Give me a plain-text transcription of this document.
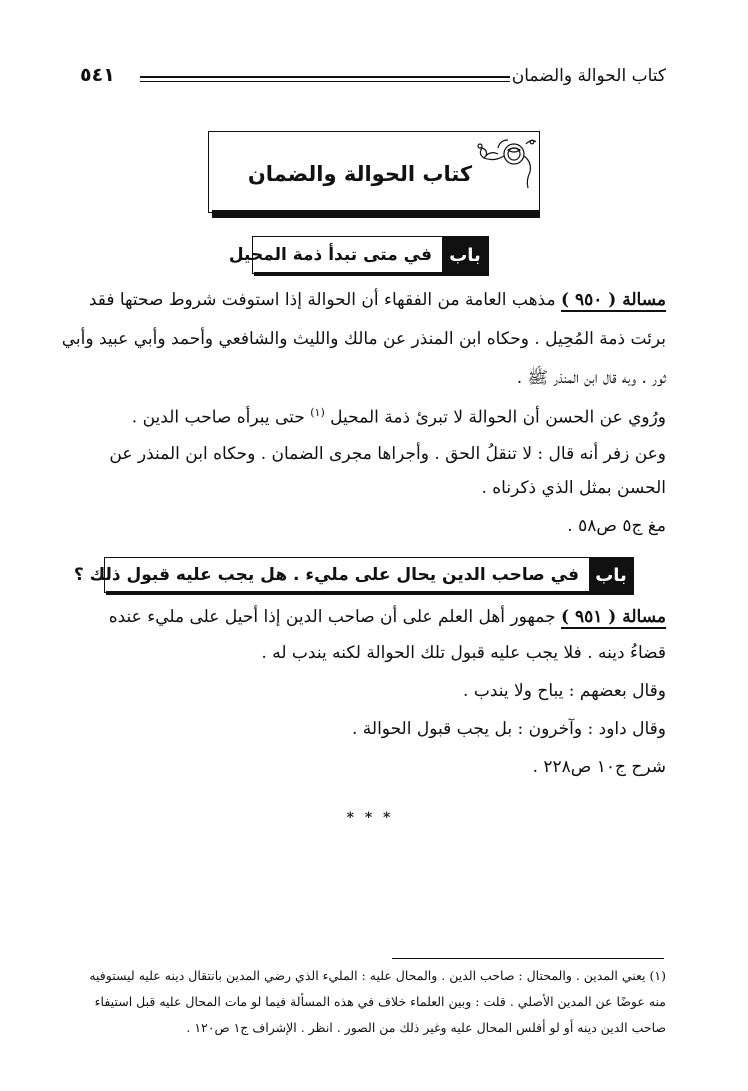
كتاب الحوالة والضمان
٥٤١
كتاب الحوالة والضمان
باب
في متى تبدأ ذمة المحيل
مسالة ( ٩٥٠ ) مذهب العامة من الفقهاء أن الحوالة إذا استوفت شروط صحتها فقد
برئت ذمة المُحِيل . وحكاه ابن المنذر عن مالك والليث والشافعي وأحمد وأبي عبيد وأبي
ثور . وبه قال ابن المنذر ﷺ .
ورُوي عن الحسن أن الحوالة لا تبرئ ذمة المحيل $^{(١)}$ حتى يبرأه صاحب الدين .
وعن زفر أنه قال : لا تنقلُ الحق . وأجراها مجرى الضمان . وحكاه ابن المنذر عن
الحسن بمثل الذي ذكرناه .
مغ ج٥ ص٥٨ .
باب
في صاحب الدين يحال على مليء . هل يجب عليه قبول ذلك ؟
مسالة ( ٩٥١ ) جمهور أهل العلم على أن صاحب الدين إذا أحيل على مليء عنده
قضاءُ دينه . فلا يجب عليه قبول تلك الحوالة لكنه يندب له .
وقال بعضهم : يباح ولا يندب .
وقال داود : وآخرون : بل يجب قبول الحوالة .
شرح ج١٠ ص٢٢٨ .
* * *
(١) يعني المدين . والمحتال : صاحب الدين . والمحال عليه : المليء الذي رضي المدين بانتقال دينه عليه ليستوفيه
منه عوضًا عن المدين الأصلي . قلت : وبين العلماء خلاف في هذه المسألة فيما لو مات المحال عليه قبل استيفاء
صاحب الدين دينه أو لو أفلس المحال عليه وغير ذلك من الصور . انظر . الإشراف ج١ ص١٢٠ .
